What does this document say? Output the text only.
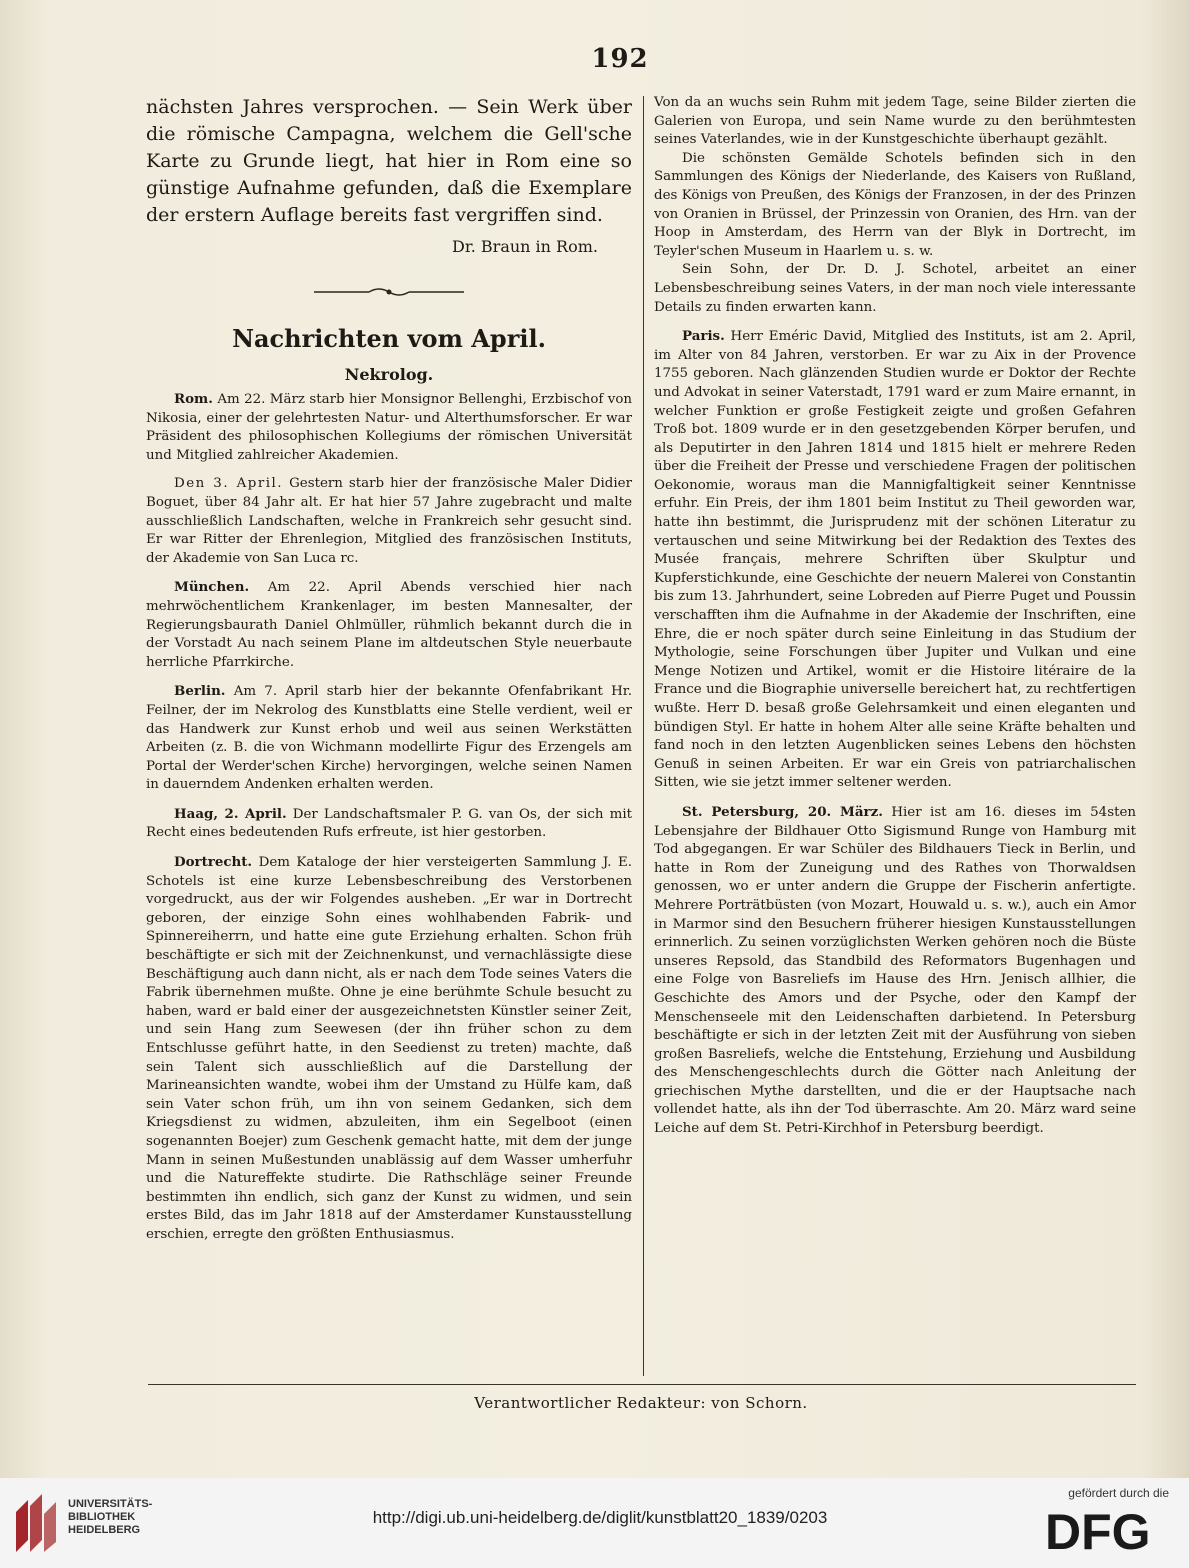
192

nächsten Jahres versprochen. — Sein Werk über die römische Campagna, welchem die Gell'sche Karte zu Grunde liegt, hat hier in Rom eine so günstige Aufnahme gefunden, daß die Exemplare der erstern Auflage bereits fast vergriffen sind.

Dr. Braun in Rom.
Nachrichten vom April.
Nekrolog.

Rom. Am 22. März starb hier Monsignor Bellenghi, Erzbischof von Nikosia, einer der gelehrtesten Natur- und Alterthumsforscher. Er war Präsident des philosophischen Kollegiums der römischen Universität und Mitglied zahlreicher Akademien.

Den 3. April. Gestern starb hier der französische Maler Didier Boguet, über 84 Jahr alt. Er hat hier 57 Jahre zugebracht und malte ausschließlich Landschaften, welche in Frankreich sehr gesucht sind. Er war Ritter der Ehrenlegion, Mitglied des französischen Instituts, der Akademie von San Luca rc.

München. Am 22. April Abends verschied hier nach mehrwöchentlichem Krankenlager, im besten Mannesalter, der Regierungsbaurath Daniel Ohlmüller, rühmlich bekannt durch die in der Vorstadt Au nach seinem Plane im altdeutschen Style neuerbaute herrliche Pfarrkirche.

Berlin. Am 7. April starb hier der bekannte Ofenfabrikant Hr. Feilner, der im Nekrolog des Kunstblatts eine Stelle verdient, weil er das Handwerk zur Kunst erhob und weil aus seinen Werkstätten Arbeiten (z. B. die von Wichmann modellirte Figur des Erzengels am Portal der Werder'schen Kirche) hervorgingen, welche seinen Namen in dauerndem Andenken erhalten werden.

Haag, 2. April. Der Landschaftsmaler P. G. van Os, der sich mit Recht eines bedeutenden Rufs erfreute, ist hier gestorben.

Dortrecht. Dem Kataloge der hier versteigerten Sammlung J. E. Schotels ist eine kurze Lebensbeschreibung des Verstorbenen vorgedruckt, aus der wir Folgendes ausheben. „Er war in Dortrecht geboren, der einzige Sohn eines wohlhabenden Fabrik- und Spinnereiherrn, und hatte eine gute Erziehung erhalten. Schon früh beschäftigte er sich mit der Zeichnenkunst, und vernachlässigte diese Beschäftigung auch dann nicht, als er nach dem Tode seines Vaters die Fabrik übernehmen mußte. Ohne je eine berühmte Schule besucht zu haben, ward er bald einer der ausgezeichnetsten Künstler seiner Zeit, und sein Hang zum Seewesen (der ihn früher schon zu dem Entschlusse geführt hatte, in den Seedienst zu treten) machte, daß sein Talent sich ausschließlich auf die Darstellung der Marineansichten wandte, wobei ihm der Umstand zu Hülfe kam, daß sein Vater schon früh, um ihn von seinem Gedanken, sich dem Kriegsdienst zu widmen, abzuleiten, ihm ein Segelboot (einen sogenannten Boejer) zum Geschenk gemacht hatte, mit dem der junge Mann in seinen Mußestunden unablässig auf dem Wasser umherfuhr und die Natureffekte studirte. Die Rathschläge seiner Freunde bestimmten ihn endlich, sich ganz der Kunst zu widmen, und sein erstes Bild, das im Jahr 1818 auf der Amsterdamer Kunstausstellung erschien, erregte den größten Enthusiasmus.

Von da an wuchs sein Ruhm mit jedem Tage, seine Bilder zierten die Galerien von Europa, und sein Name wurde zu den berühmtesten seines Vaterlandes, wie in der Kunstgeschichte überhaupt gezählt.

Die schönsten Gemälde Schotels befinden sich in den Sammlungen des Königs der Niederlande, des Kaisers von Rußland, des Königs von Preußen, des Königs der Franzosen, in der des Prinzen von Oranien in Brüssel, der Prinzessin von Oranien, des Hrn. van der Hoop in Amsterdam, des Herrn van der Blyk in Dortrecht, im Teyler'schen Museum in Haarlem u. s. w.

Sein Sohn, der Dr. D. J. Schotel, arbeitet an einer Lebensbeschreibung seines Vaters, in der man noch viele interessante Details zu finden erwarten kann.

Paris. Herr Eméric David, Mitglied des Instituts, ist am 2. April, im Alter von 84 Jahren, verstorben. Er war zu Aix in der Provence 1755 geboren. Nach glänzenden Studien wurde er Doktor der Rechte und Advokat in seiner Vaterstadt, 1791 ward er zum Maire ernannt, in welcher Funktion er große Festigkeit zeigte und großen Gefahren Troß bot. 1809 wurde er in den gesetzgebenden Körper berufen, und als Deputirter in den Jahren 1814 und 1815 hielt er mehrere Reden über die Freiheit der Presse und verschiedene Fragen der politischen Oekonomie, woraus man die Mannigfaltigkeit seiner Kenntnisse erfuhr. Ein Preis, der ihm 1801 beim Institut zu Theil geworden war, hatte ihn bestimmt, die Jurisprudenz mit der schönen Literatur zu vertauschen und seine Mitwirkung bei der Redaktion des Textes des Musée français, mehrere Schriften über Skulptur und Kupferstichkunde, eine Geschichte der neuern Malerei von Constantin bis zum 13. Jahrhundert, seine Lobreden auf Pierre Puget und Poussin verschafften ihm die Aufnahme in der Akademie der Inschriften, eine Ehre, die er noch später durch seine Einleitung in das Studium der Mythologie, seine Forschungen über Jupiter und Vulkan und eine Menge Notizen und Artikel, womit er die Histoire litéraire de la France und die Biographie universelle bereichert hat, zu rechtfertigen wußte. Herr D. besaß große Gelehrsamkeit und einen eleganten und bündigen Styl. Er hatte in hohem Alter alle seine Kräfte behalten und fand noch in den letzten Augenblicken seines Lebens den höchsten Genuß in seinen Arbeiten. Er war ein Greis von patriarchalischen Sitten, wie sie jetzt immer seltener werden.

St. Petersburg, 20. März. Hier ist am 16. dieses im 54sten Lebensjahre der Bildhauer Otto Sigismund Runge von Hamburg mit Tod abgegangen. Er war Schüler des Bildhauers Tieck in Berlin, und hatte in Rom der Zuneigung und des Rathes von Thorwaldsen genossen, wo er unter andern die Gruppe der Fischerin anfertigte. Mehrere Porträtbüsten (von Mozart, Houwald u. s. w.), auch ein Amor in Marmor sind den Besuchern früherer hiesigen Kunstausstellungen erinnerlich. Zu seinen vorzüglichsten Werken gehören noch die Büste unseres Repsold, das Standbild des Reformators Bugenhagen und eine Folge von Basreliefs im Hause des Hrn. Jenisch allhier, die Geschichte des Amors und der Psyche, oder den Kampf der Menschenseele mit den Leidenschaften darbietend. In Petersburg beschäftigte er sich in der letzten Zeit mit der Ausführung von sieben großen Basreliefs, welche die Entstehung, Erziehung und Ausbildung des Menschengeschlechts durch die Götter nach Anleitung der griechischen Mythe darstellten, und die er der Hauptsache nach vollendet hatte, als ihn der Tod überraschte. Am 20. März ward seine Leiche auf dem St. Petri-Kirchhof in Petersburg beerdigt.

Verantwortlicher Redakteur: von Schorn.
UNIVERSITÄTS-
BIBLIOTHEK
HEIDELBERG
http://digi.ub.uni-heidelberg.de/diglit/kunstblatt20_1839/0203
gefördert durch die
DFG
